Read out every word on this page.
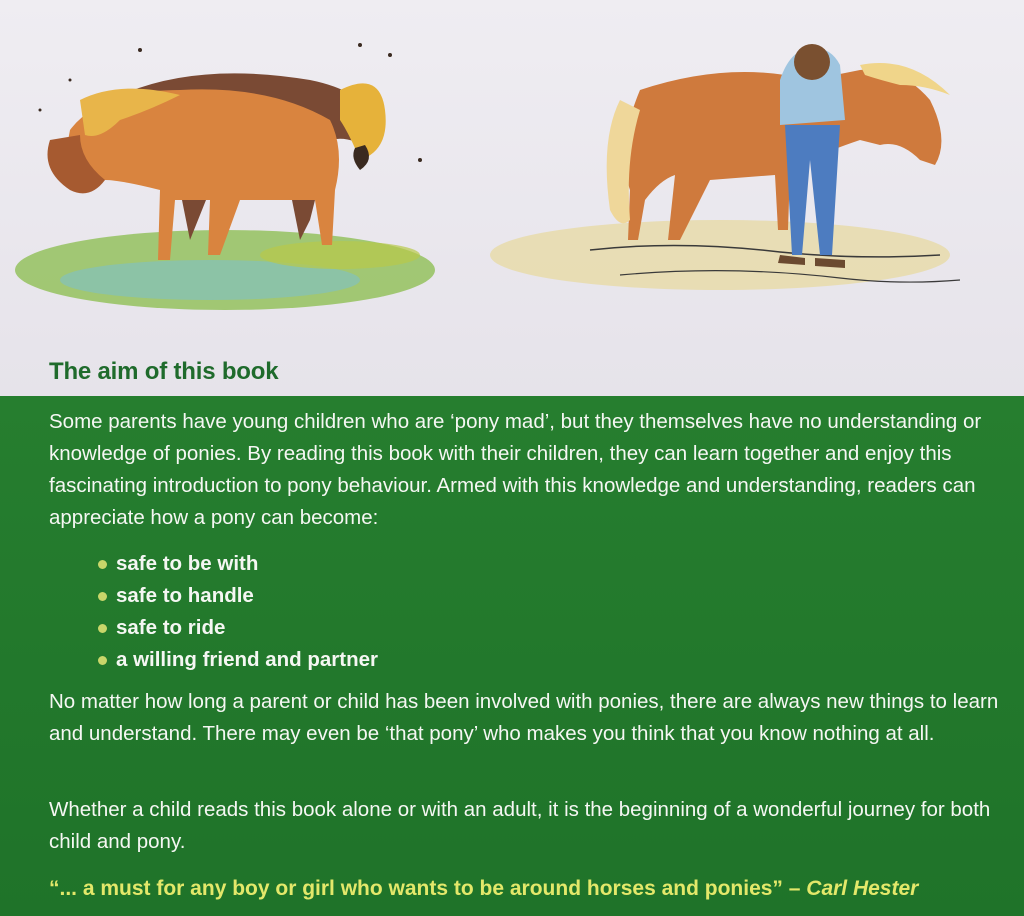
The aim of this book

Some parents have young children who are ‘pony mad’, but they themselves have no understanding or knowledge of ponies. By reading this book with their children, they can learn together and enjoy this fascinating introduction to pony behaviour. Armed with this knowledge and understanding, readers can appreciate how a pony can become:

safe to be with
safe to handle
safe to ride
a willing friend and partner

No matter how long a parent or child has been involved with ponies, there are always new things to learn and understand. There may even be ‘that pony’ who makes you think that you know nothing at all.

Whether a child reads this book alone or with an adult, it is the beginning of a wonderful journey for both child and pony.

“... a must for any boy or girl who wants to be around horses and ponies” – Carl Hester
